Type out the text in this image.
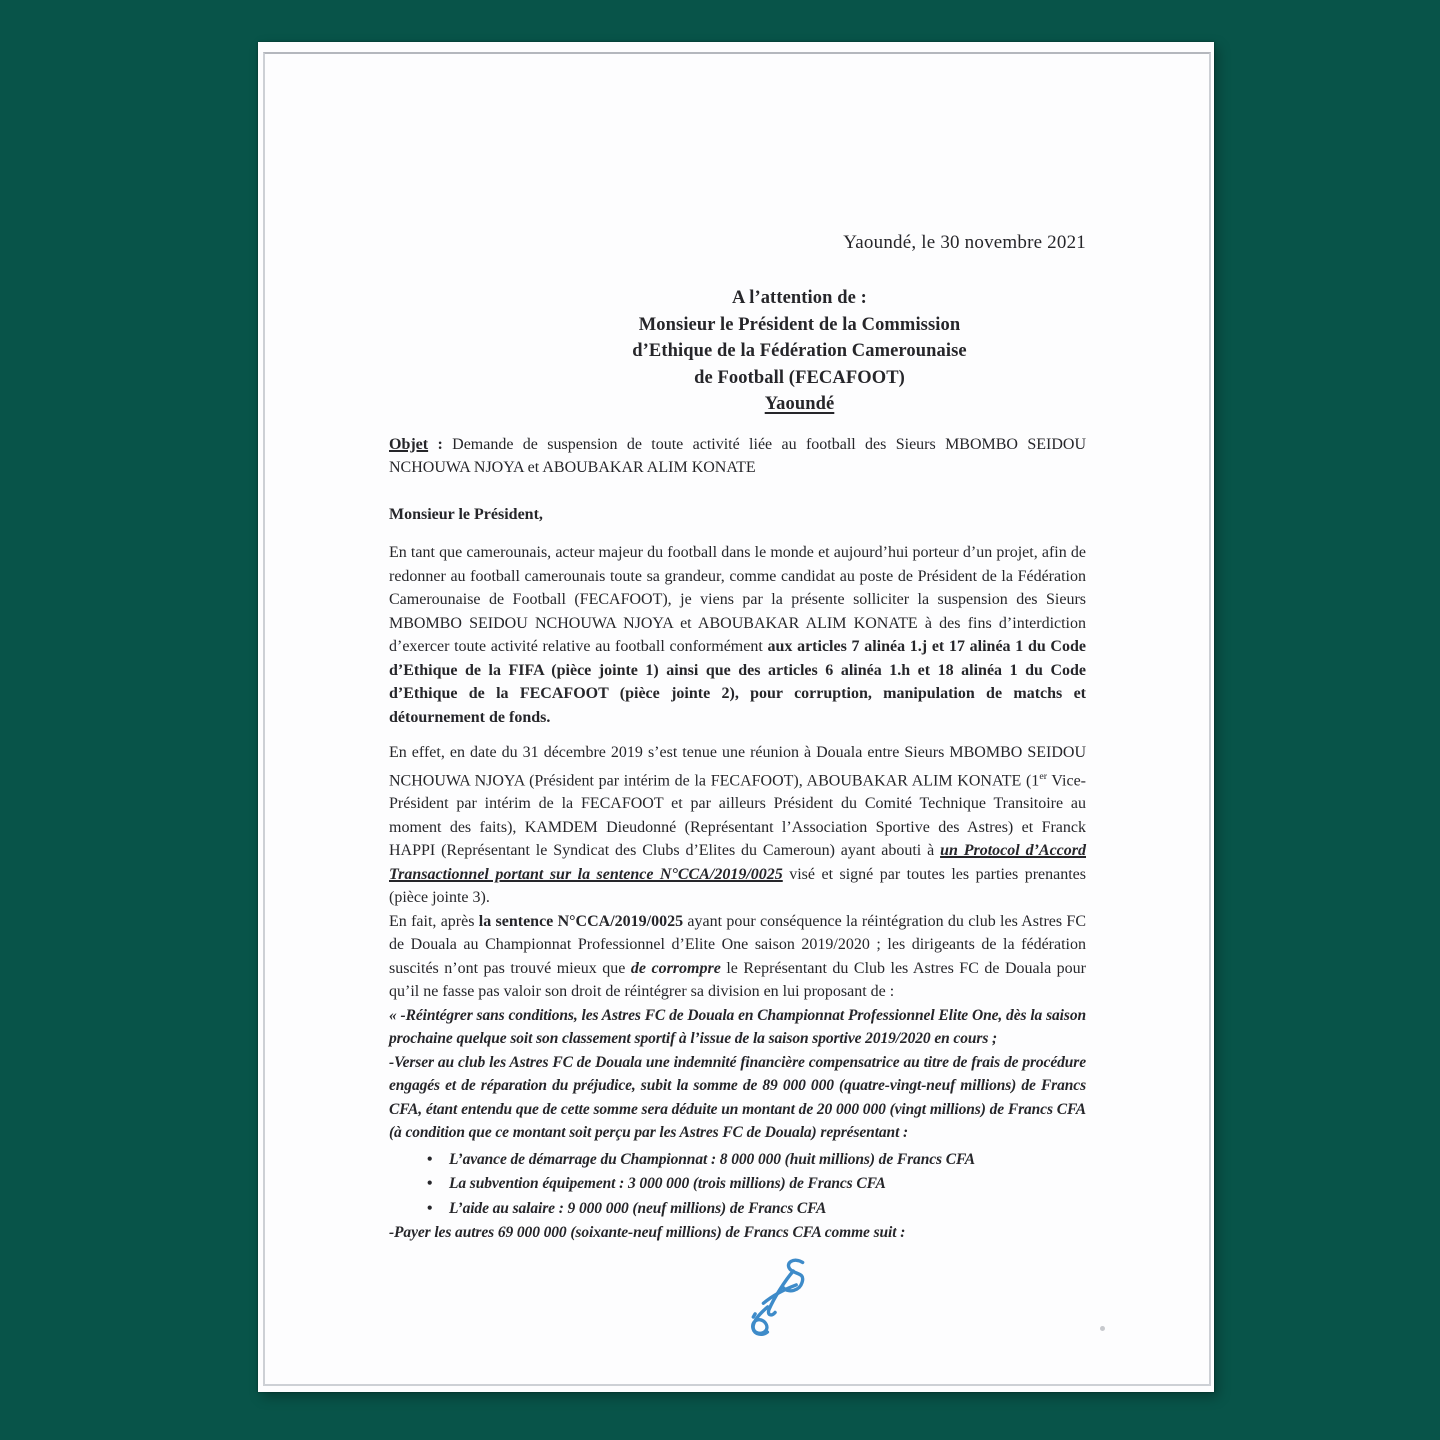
Yaoundé, le 30 novembre 2021
A l’attention de :
Monsieur le Président de la Commission
d’Ethique de la Fédération Camerounaise
de Football (FECAFOOT)
Yaoundé

Objet : Demande de suspension de toute activité liée au football des Sieurs MBOMBO SEIDOU NCHOUWA NJOYA et ABOUBAKAR ALIM KONATE

Monsieur le Président,

En tant que camerounais, acteur majeur du football dans le monde et aujourd’hui porteur d’un projet, afin de redonner au football camerounais toute sa grandeur, comme candidat au poste de Président de la Fédération Camerounaise de Football (FECAFOOT), je viens par la présente solliciter la suspension des Sieurs MBOMBO SEIDOU NCHOUWA NJOYA et ABOUBAKAR ALIM KONATE à des fins d’interdiction d’exercer toute activité relative au football conformément aux articles 7 alinéa 1.j et 17 alinéa 1 du Code d’Ethique de la FIFA (pièce jointe 1) ainsi que des articles 6 alinéa 1.h et 18 alinéa 1 du Code d’Ethique de la FECAFOOT (pièce jointe 2), pour corruption, manipulation de matchs et détournement de fonds.

En effet, en date du 31 décembre 2019 s’est tenue une réunion à Douala entre Sieurs MBOMBO SEIDOU NCHOUWA NJOYA (Président par intérim de la FECAFOOT), ABOUBAKAR ALIM KONATE (1er Vice-Président par intérim de la FECAFOOT et par ailleurs Président du Comité Technique Transitoire au moment des faits), KAMDEM Dieudonné (Représentant l’Association Sportive des Astres) et Franck HAPPI (Représentant le Syndicat des Clubs d’Elites du Cameroun) ayant abouti à un Protocol d’Accord Transactionnel portant sur la sentence N°CCA/2019/0025 visé et signé par toutes les parties prenantes (pièce jointe 3).

En fait, après la sentence N°CCA/2019/0025 ayant pour conséquence la réintégration du club les Astres FC de Douala au Championnat Professionnel d’Elite One saison 2019/2020 ; les dirigeants de la fédération suscités n’ont pas trouvé mieux que de corrompre le Représentant du Club les Astres FC de Douala pour qu’il ne fasse pas valoir son droit de réintégrer sa division en lui proposant de :

« -Réintégrer sans conditions, les Astres FC de Douala en Championnat Professionnel Elite One, dès la saison prochaine quelque soit son classement sportif à l’issue de la saison sportive 2019/2020 en cours ;

-Verser au club les Astres FC de Douala une indemnité financière compensatrice au titre de frais de procédure engagés et de réparation du préjudice, subit la somme de 89 000 000 (quatre-vingt-neuf millions) de Francs CFA, étant entendu que de cette somme sera déduite un montant de 20 000 000 (vingt millions) de Francs CFA (à condition que ce montant soit perçu par les Astres FC de Douala) représentant :

• L’avance de démarrage du Championnat : 8 000 000 (huit millions) de Francs CFA
• La subvention équipement : 3 000 000 (trois millions) de Francs CFA
• L’aide au salaire : 9 000 000 (neuf millions) de Francs CFA

-Payer les autres 69 000 000 (soixante-neuf millions) de Francs CFA comme suit :
